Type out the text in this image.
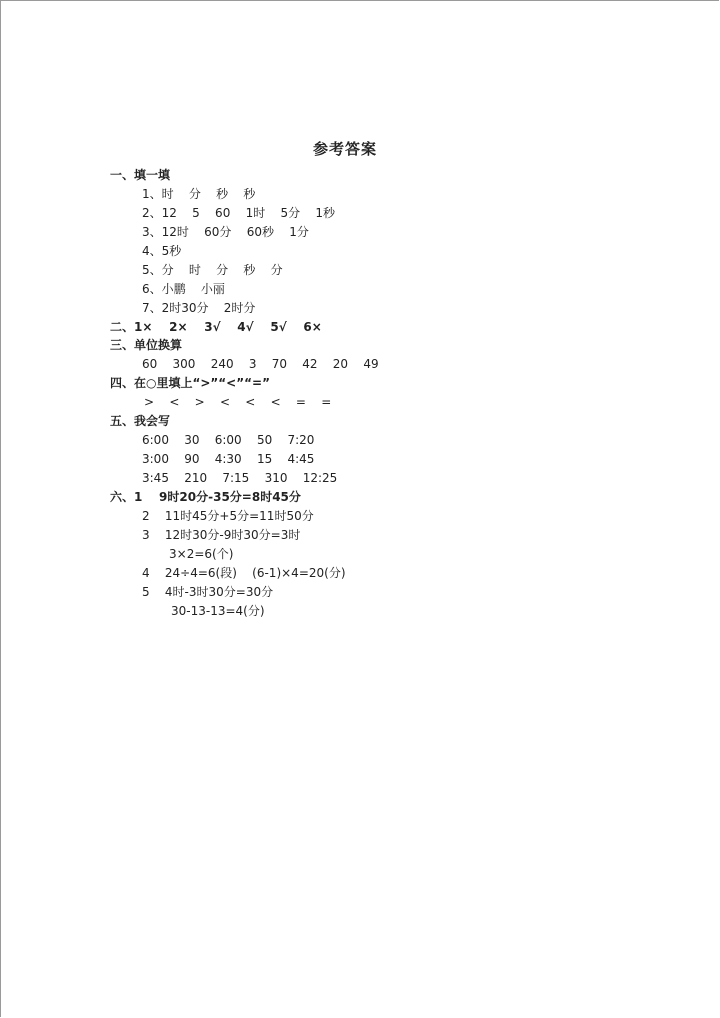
参考答案
一、填一填
1、时    分    秒    秒
2、12    5    60    1时    5分    1秒
3、12时    60分    60秒    1分
4、5秒
5、分    时    分    秒    分
6、小鹏    小丽
7、2时30分    2时分
二、1×    2×    3√    4√    5√    6×
三、单位换算
60    300    240    3    70    42    20    49
四、在○里填上“>”“<”“=”
>    <    >    <    <    <    =    =
五、我会写
6:00    30    6:00    50    7:20
3:00    90    4:30    15    4:45
3:45    210    7:15    310    12:25
六、1    9时20分-35分=8时45分
2    11时45分+5分=11时50分
3    12时30分-9时30分=3时
3×2=6(个)
4    24÷4=6(段)    (6-1)×4=20(分)
5    4时-3时30分=30分
30-13-13=4(分)
